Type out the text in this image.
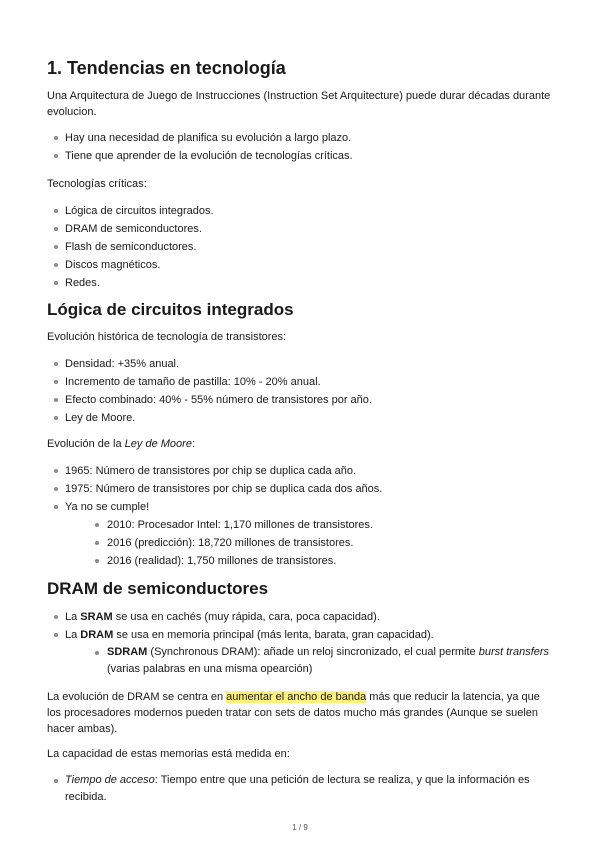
1. Tendencias en tecnología

Una Arquitectura de Juego de Instrucciones (Instruction Set Arquitecture) puede durar décadas durante evolucion.

Hay una necesidad de planifica su evolución a largo plazo.
Tiene que aprender de la evolución de tecnologías críticas.

Tecnologías críticas:

Lógica de circuitos integrados.
DRAM de semiconductores.
Flash de semiconductores.
Discos magnéticos.
Redes.
Lógica de circuitos integrados

Evolución histórica de tecnología de transistores:

Densidad: +35% anual.
Incremento de tamaño de pastilla: 10% - 20% anual.
Efecto combinado: 40% - 55% número de transistores por año.
Ley de Moore.

Evolución de la Ley de Moore:

1965: Número de transistores por chip se duplica cada año.
1975: Número de transistores por chip se duplica cada dos años.
Ya no se cumple!
2010: Procesador Intel: 1,170 millones de transistores.
2016 (predicción): 18,720 millones de transistores.
2016 (realidad): 1,750 millones de transistores.
DRAM de semiconductores
La SRAM se usa en cachés (muy rápida, cara, poca capacidad).
La DRAM se usa en memoria principal (más lenta, barata, gran capacidad).
SDRAM (Synchronous DRAM): añade un reloj sincronizado, el cual permite burst transfers (varias palabras en una misma opearción)

La evolución de DRAM se centra en aumentar el ancho de banda más que reducir la latencia, ya que los procesadores modernos pueden tratar con sets de datos mucho más grandes (Aunque se suelen hacer ambas).

La capacidad de estas memorias está medida en:

Tiempo de acceso: Tiempo entre que una petición de lectura se realiza, y que la información es recibida.
1 / 9
